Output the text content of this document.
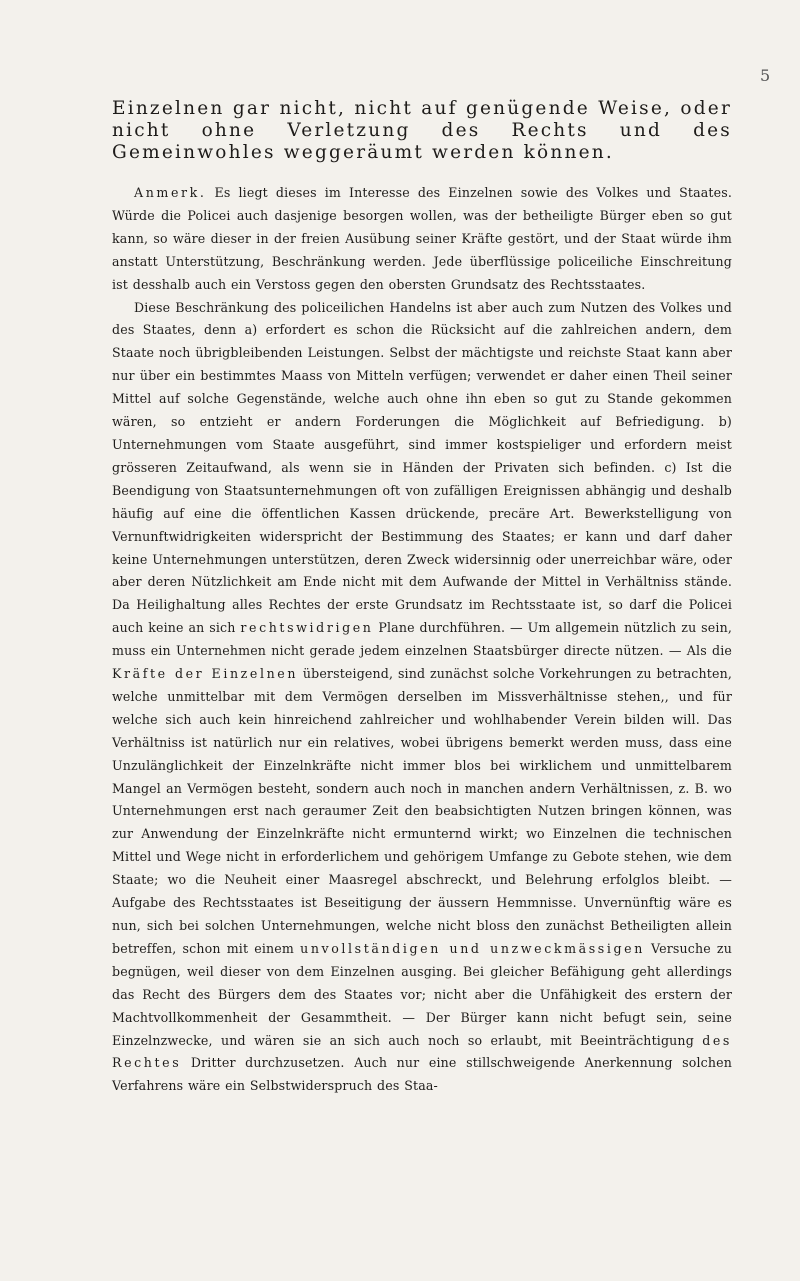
5

Einzelnen gar nicht, nicht auf genügende Weise, oder nicht ohne Verletzung des Rechts und des Gemeinwohles weggeräumt werden können.

Anmerk. Es liegt dieses im Interesse des Einzelnen sowie des Volkes und Staates. Würde die Policei auch dasjenige besorgen wollen, was der betheiligte Bürger eben so gut kann, so wäre dieser in der freien Ausübung seiner Kräfte gestört, und der Staat würde ihm anstatt Unterstützung, Beschränkung werden. Jede überflüssige policeiliche Einschreitung ist desshalb auch ein Verstoss gegen den obersten Grundsatz des Rechtsstaates.

Diese Beschränkung des policeilichen Handelns ist aber auch zum Nutzen des Volkes und des Staates, denn a) erfordert es schon die Rücksicht auf die zahlreichen andern, dem Staate noch übrigbleibenden Leistungen. Selbst der mächtigste und reichste Staat kann aber nur über ein bestimmtes Maass von Mitteln verfügen; verwendet er daher einen Theil seiner Mittel auf solche Gegenstände, welche auch ohne ihn eben so gut zu Stande gekommen wären, so entzieht er andern Forderungen die Möglichkeit auf Befriedigung. b) Unternehmungen vom Staate ausgeführt, sind immer kostspieliger und erfordern meist grösseren Zeitaufwand, als wenn sie in Händen der Privaten sich befinden. c) Ist die Beendigung von Staatsunternehmungen oft von zufälligen Ereignissen abhängig und deshalb häufig auf eine die öffentlichen Kassen drückende, precäre Art. Bewerkstelligung von Vernunftwidrigkeiten widerspricht der Bestimmung des Staates; er kann und darf daher keine Unternehmungen unterstützen, deren Zweck widersinnig oder unerreichbar wäre, oder aber deren Nützlichkeit am Ende nicht mit dem Aufwande der Mittel in Verhältniss stände. Da Heilighaltung alles Rechtes der erste Grundsatz im Rechtsstaate ist, so darf die Policei auch keine an sich rechtswidrigen Plane durchführen. — Um allgemein nützlich zu sein, muss ein Unternehmen nicht gerade jedem einzelnen Staatsbürger directe nützen. — Als die Kräfte der Einzelnen übersteigend, sind zunächst solche Vorkehrungen zu betrachten, welche unmittelbar mit dem Vermögen derselben im Missverhältnisse stehen,, und für welche sich auch kein hinreichend zahlreicher und wohlhabender Verein bilden will. Das Verhältniss ist natürlich nur ein relatives, wobei übrigens bemerkt werden muss, dass eine Unzulänglichkeit der Einzelnkräfte nicht immer blos bei wirklichem und unmittelbarem Mangel an Vermögen besteht, sondern auch noch in manchen andern Verhältnissen, z. B. wo Unternehmungen erst nach geraumer Zeit den beabsichtigten Nutzen bringen können, was zur Anwendung der Einzelnkräfte nicht ermunternd wirkt; wo Einzelnen die technischen Mittel und Wege nicht in erforderlichem und gehörigem Umfange zu Gebote stehen, wie dem Staate; wo die Neuheit einer Maasregel abschreckt, und Belehrung erfolglos bleibt. — Aufgabe des Rechtsstaates ist Beseitigung der äussern Hemmnisse. Unvernünftig wäre es nun, sich bei solchen Unternehmungen, welche nicht bloss den zunächst Betheiligten allein betreffen, schon mit einem unvollständigen und unzweckmässigen Versuche zu begnügen, weil dieser von dem Einzelnen ausging. Bei gleicher Befähigung geht allerdings das Recht des Bürgers dem des Staates vor; nicht aber die Unfähigkeit des erstern der Machtvollkommenheit der Gesammtheit. — Der Bürger kann nicht befugt sein, seine Einzelnzwecke, und wären sie an sich auch noch so erlaubt, mit Beeinträchtigung des Rechtes Dritter durchzusetzen. Auch nur eine stillschweigende Anerkennung solchen Verfahrens wäre ein Selbstwiderspruch des Staa-
